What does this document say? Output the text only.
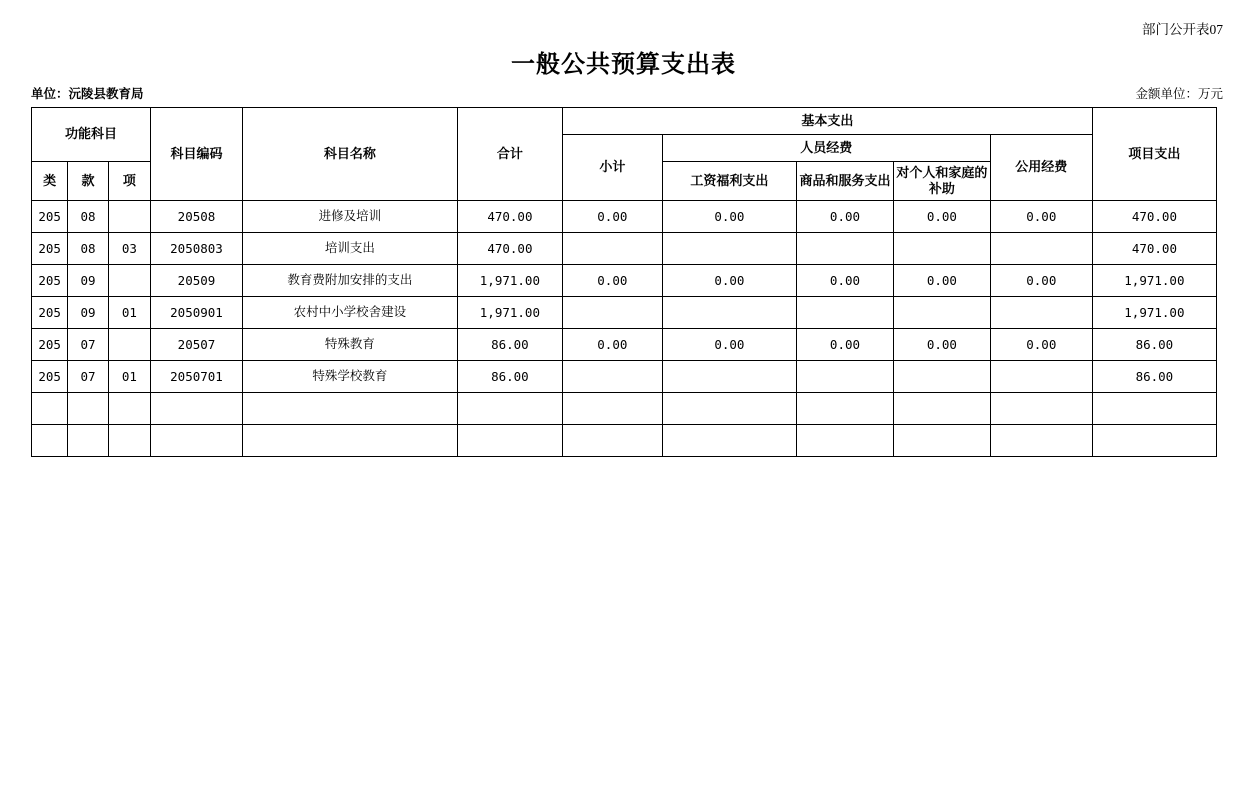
部门公开表07
一般公共预算支出表
单位：沅陵县教育局	金额单位：万元
功能科目			科目编码	科目名称	合计	基本支出					项目支出
						小计	人员经费			公用经费	
类	款	项					工资福利支出	商品和服务支出	对个人和家庭的补助		
205	08		20508	进修及培训	470.00	0.00	0.00	0.00	0.00	0.00	470.00
205	08	03	2050803	培训支出	470.00						470.00
205	09		20509	教育费附加安排的支出	1,971.00	0.00	0.00	0.00	0.00	0.00	1,971.00
205	09	01	2050901	农村中小学校舍建设	1,971.00						1,971.00
205	07		20507	特殊教育	86.00	0.00	0.00	0.00	0.00	0.00	86.00
205	07	01	2050701	特殊学校教育	86.00						86.00
